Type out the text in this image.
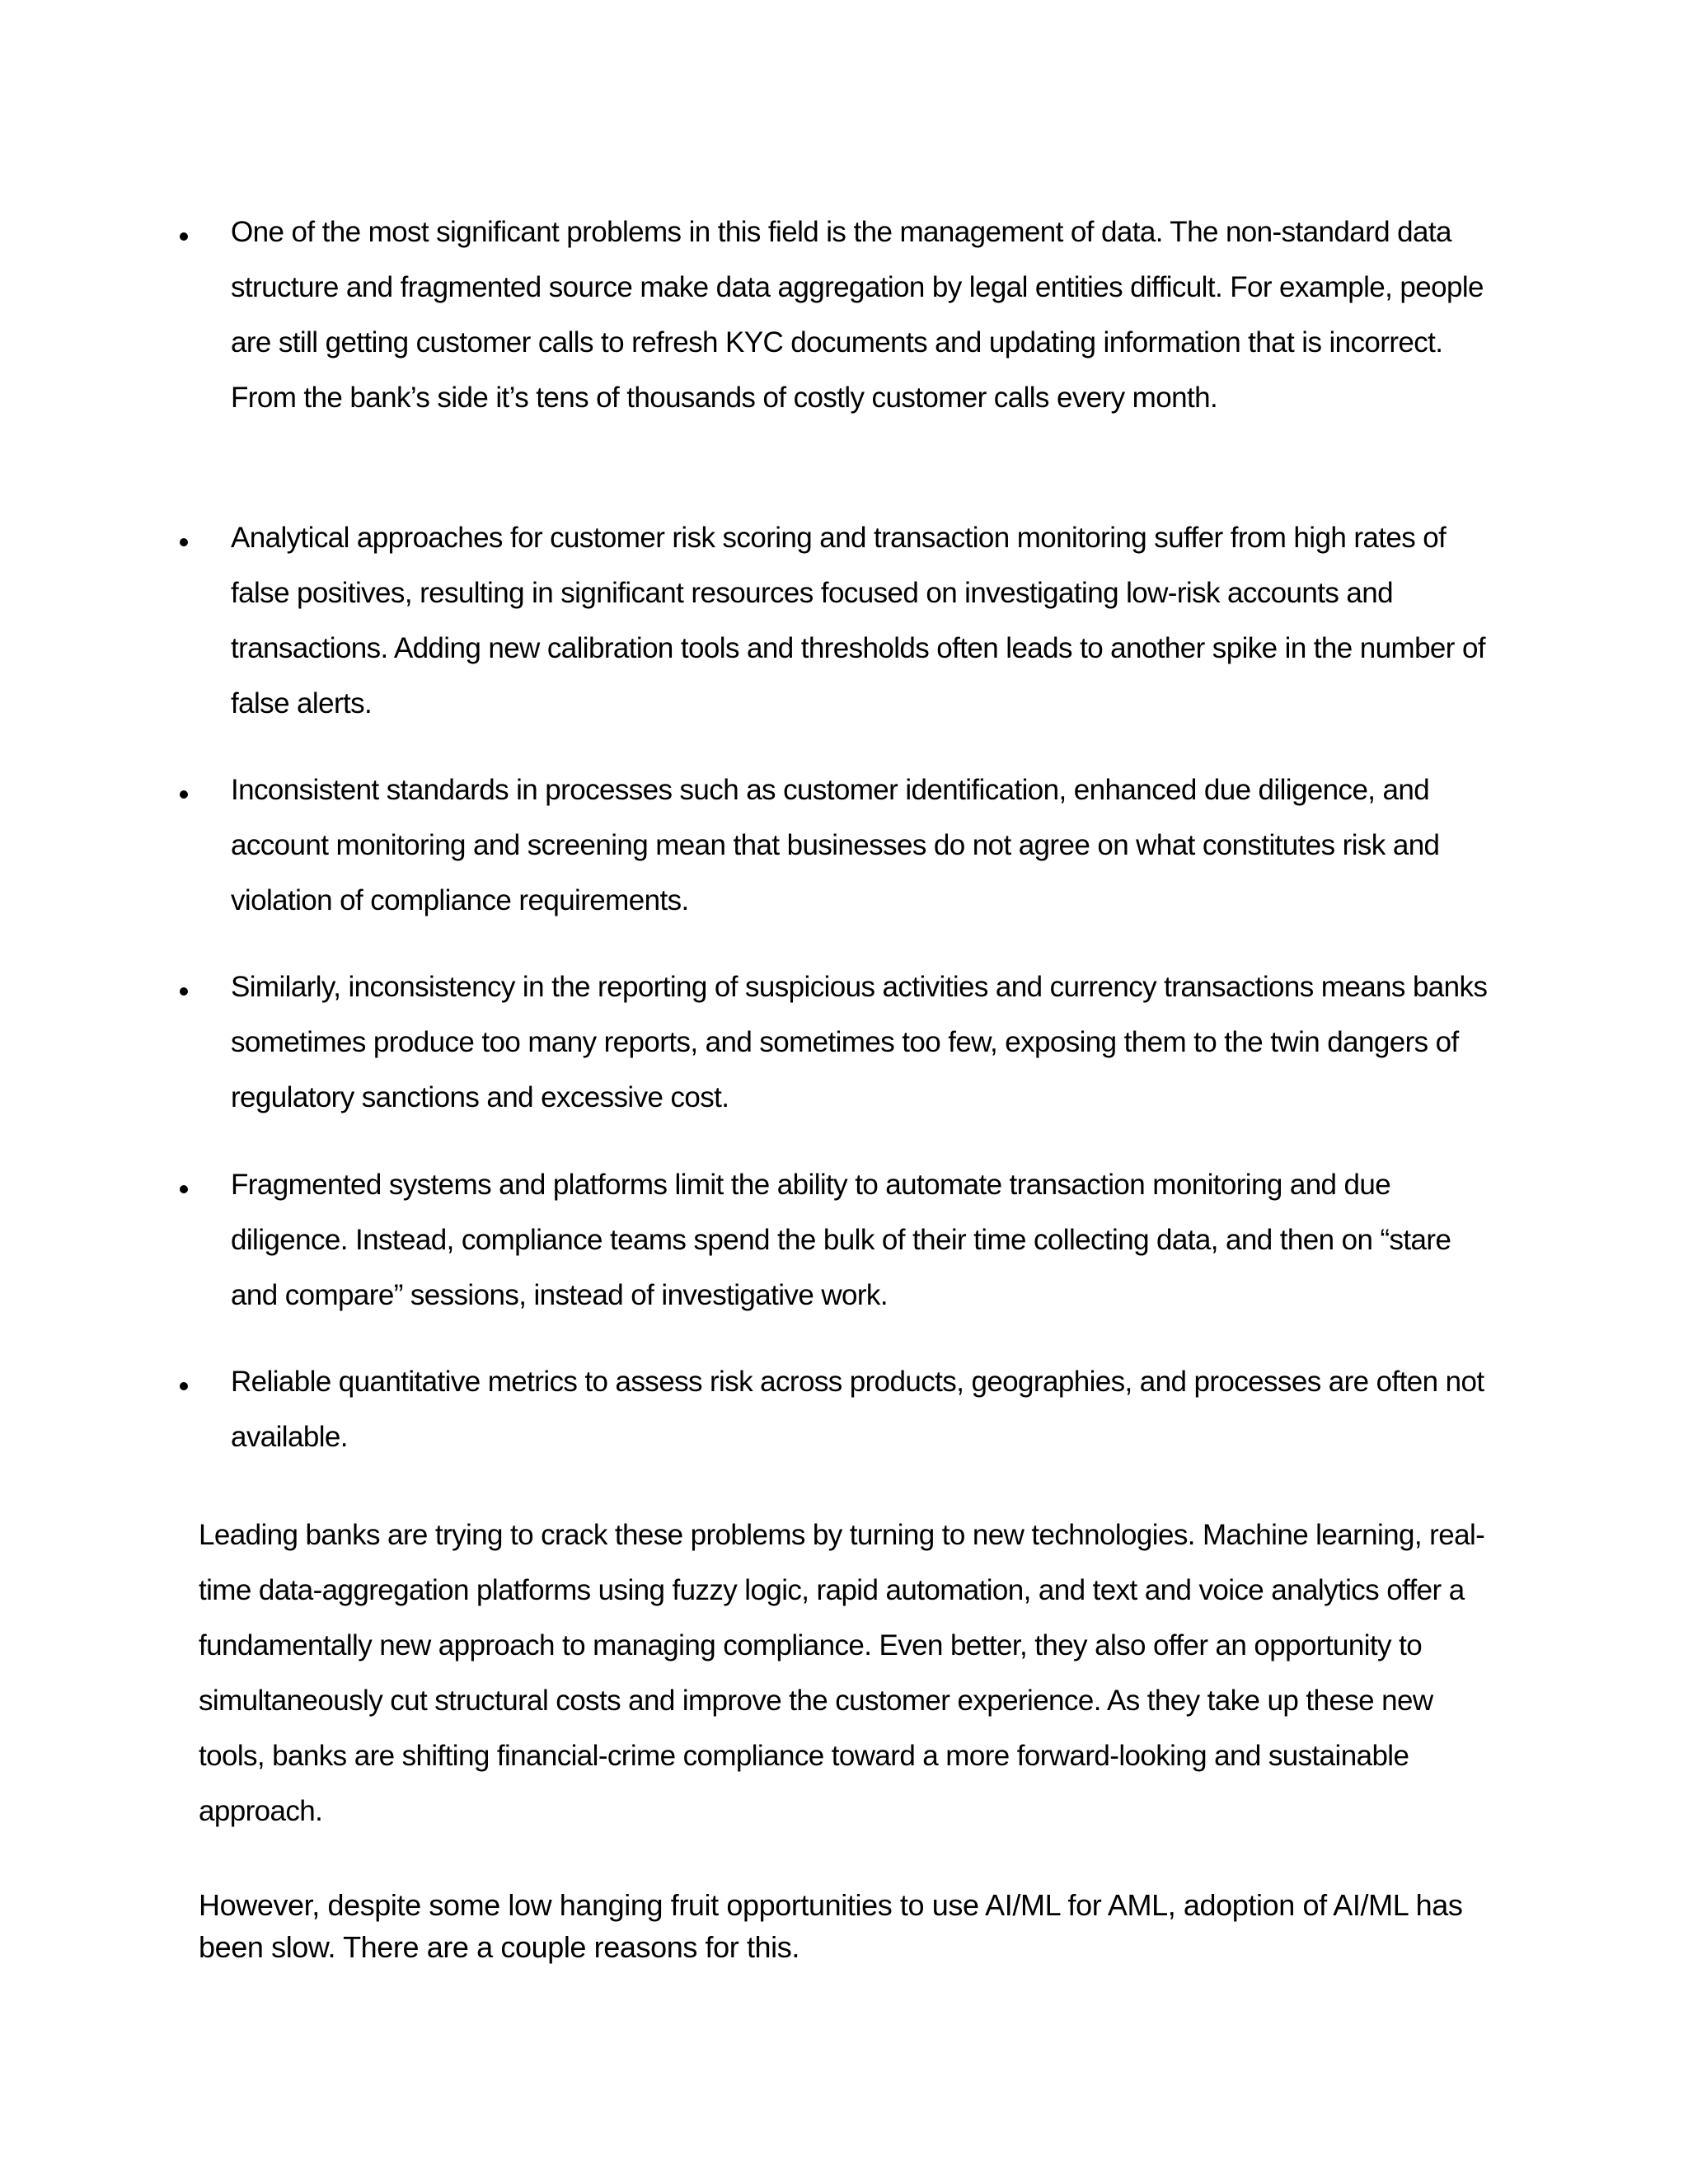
One of the most significant problems in this field is the management of data. The non-standard data structure and fragmented source make data aggregation by legal entities difficult. For example, people are still getting customer calls to refresh KYC documents and updating information that is incorrect. From the bank’s side it’s tens of thousands of costly customer calls every month.

Analytical approaches for customer risk scoring and transaction monitoring suffer from high rates of false positives, resulting in significant resources focused on investigating low-risk accounts and transactions. Adding new calibration tools and thresholds often leads to another spike in the number of false alerts.

Inconsistent standards in processes such as customer identification, enhanced due diligence, and account monitoring and screening mean that businesses do not agree on what constitutes risk and violation of compliance requirements.

Similarly, inconsistency in the reporting of suspicious activities and currency transactions means banks sometimes produce too many reports, and sometimes too few, exposing them to the twin dangers of regulatory sanctions and excessive cost.

Fragmented systems and platforms limit the ability to automate transaction monitoring and due diligence. Instead, compliance teams spend the bulk of their time collecting data, and then on “stare and compare” sessions, instead of investigative work.

Reliable quantitative metrics to assess risk across products, geographies, and processes are often not available.

Leading banks are trying to crack these problems by turning to new technologies. Machine learning, real-time data-aggregation platforms using fuzzy logic, rapid automation, and text and voice analytics offer a fundamentally new approach to managing compliance. Even better, they also offer an opportunity to simultaneously cut structural costs and improve the customer experience. As they take up these new tools, banks are shifting financial-crime compliance toward a more forward-looking and sustainable approach.

However, despite some low hanging fruit opportunities to use AI/ML for AML, adoption of AI/ML has been slow. There are a couple reasons for this.
